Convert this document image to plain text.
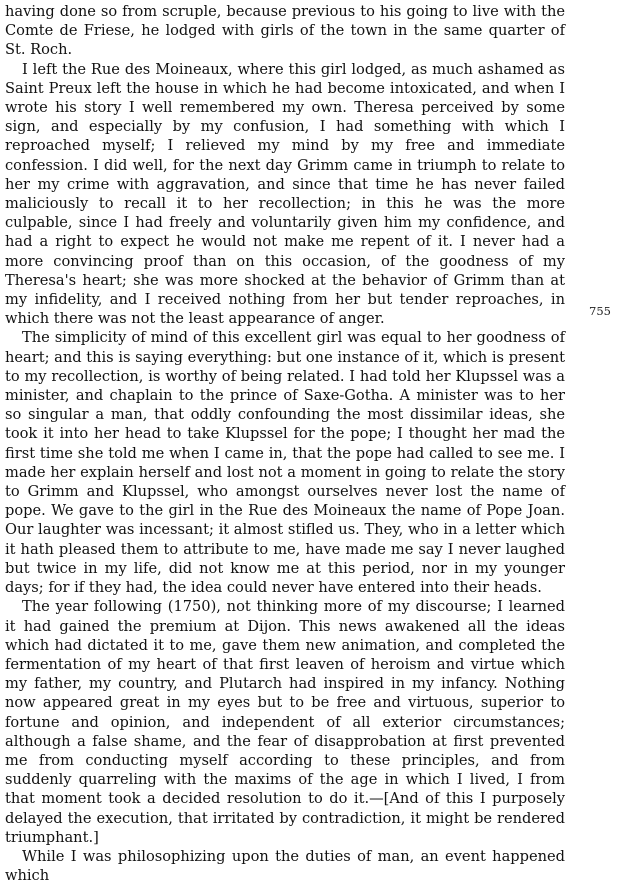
having done so from scruple, because previous to his going to live with the Comte de Friese, he lodged with girls of the town in the same quarter of St. Roch.

I left the Rue des Moineaux, where this girl lodged, as much ashamed as Saint Preux left the house in which he had become intoxicated, and when I wrote his story I well remembered my own. Theresa perceived by some sign, and especially by my confusion, I had something with which I reproached myself; I relieved my mind by my free and immediate confession. I did well, for the next day Grimm came in triumph to relate to her my crime with aggravation, and since that time he has never failed maliciously to recall it to her recollection; in this he was the more culpable, since I had freely and voluntarily given him my confidence, and had a right to expect he would not make me repent of it. I never had a more convincing proof than on this occasion, of the goodness of my Theresa's heart; she was more shocked at the behavior of Grimm than at my infidelity, and I received nothing from her but tender reproaches, in which there was not the least appearance of anger.

The simplicity of mind of this excellent girl was equal to her goodness of heart; and this is saying everything: but one instance of it, which is present to my recollection, is worthy of being related. I had told her Klupssel was a minister, and chaplain to the prince of Saxe-Gotha. A minister was to her so singular a man, that oddly confounding the most dissimilar ideas, she took it into her head to take Klupssel for the pope; I thought her mad the first time she told me when I came in, that the pope had called to see me. I made her explain herself and lost not a moment in going to relate the story to Grimm and Klupssel, who amongst ourselves never lost the name of pope. We gave to the girl in the Rue des Moineaux the name of Pope Joan. Our laughter was incessant; it almost stifled us. They, who in a letter which it hath pleased them to attribute to me, have made me say I never laughed but twice in my life, did not know me at this period, nor in my younger days; for if they had, the idea could never have entered into their heads.

The year following (1750), not thinking more of my discourse; I learned it had gained the premium at Dijon. This news awakened all the ideas which had dictated it to me, gave them new animation, and completed the fermentation of my heart of that first leaven of heroism and virtue which my father, my country, and Plutarch had inspired in my infancy. Nothing now appeared great in my eyes but to be free and virtuous, superior to fortune and opinion, and independent of all exterior circumstances; although a false shame, and the fear of disapprobation at first prevented me from conducting myself according to these principles, and from suddenly quarreling with the maxims of the age in which I lived, I from that moment took a decided resolution to do it.—[And of this I purposely delayed the execution, that irritated by contradiction, it might be rendered triumphant.]

While I was philosophizing upon the duties of man, an event happened which

755
